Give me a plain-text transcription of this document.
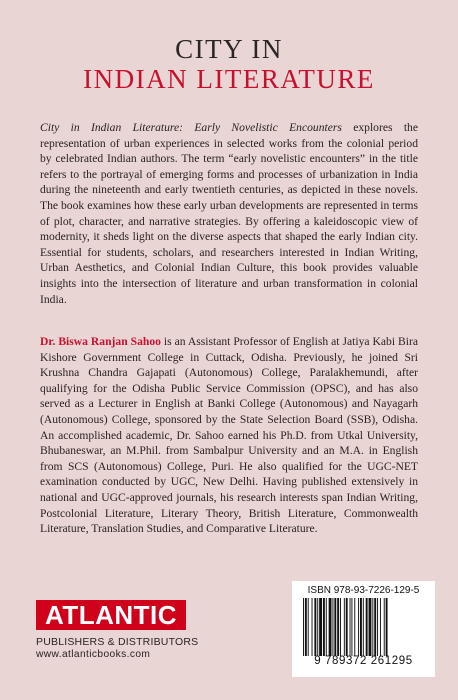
CITY IN
INDIAN LITERATURE

City in Indian Literature: Early Novelistic Encounters explores the representation of urban experiences in selected works from the colonial period by celebrated Indian authors. The term “early novelistic encounters” in the title refers to the portrayal of emerging forms and processes of urbanization in India during the nineteenth and early twentieth centuries, as depicted in these novels. The book examines how these early urban developments are represented in terms of plot, character, and narrative strategies. By offering a kaleidoscopic view of modernity, it sheds light on the diverse aspects that shaped the early Indian city. Essential for students, scholars, and researchers interested in Indian Writing, Urban Aesthetics, and Colonial Indian Culture, this book provides valuable insights into the intersection of literature and urban transformation in colonial India.

Dr. Biswa Ranjan Sahoo is an Assistant Professor of English at Jatiya Kabi Bira Kishore Government College in Cuttack, Odisha. Previously, he joined Sri Krushna Chandra Gajapati (Autonomous) College, Paralakhemundi, after qualifying for the Odisha Public Service Commission (OPSC), and has also served as a Lecturer in English at Banki College (Autonomous) and Nayagarh (Autonomous) College, sponsored by the State Selection Board (SSB), Odisha. An accomplished academic, Dr. Sahoo earned his Ph.D. from Utkal University, Bhubaneswar, an M.Phil. from Sambalpur University and an M.A. in English from SCS (Autonomous) College, Puri. He also qualified for the UGC-NET examination conducted by UGC, New Delhi. Having published extensively in national and UGC-approved journals, his research interests span Indian Writing, Postcolonial Literature, Literary Theory, British Literature, Commonwealth Literature, Translation Studies, and Comparative Literature.

ATLANTIC
PUBLISHERS & DISTRIBUTORS
www.atlanticbooks.com
ISBN 978-93-7226-129-5
9 789372 261295
